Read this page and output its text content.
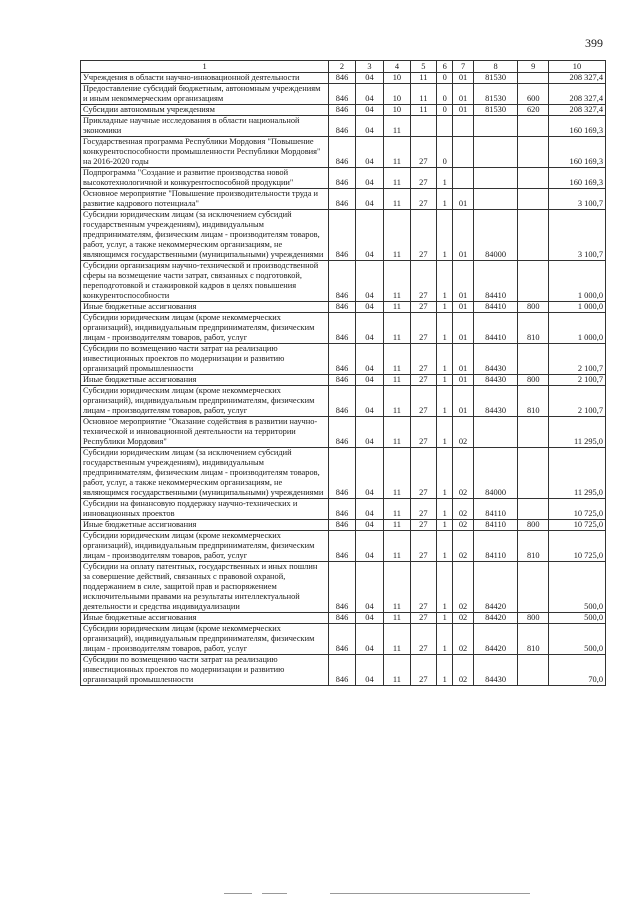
399
1	2	3	4	5	6	7	8	9	10
Учреждения в области научно-инновационной деятельности	846	04	10	11	0	01	81530		208 327,4
Предоставление субсидий бюджетным, автономным учреждениям и иным некоммерческим организациям	846	04	10	11	0	01	81530	600	208 327,4
Субсидии автономным учреждениям	846	04	10	11	0	01	81530	620	208 327,4
Прикладные научные исследования в области национальной экономики	846	04	11						160 169,3
Государственная программа Республики Мордовия "Повышение конкурентоспособности промышленности Республики Мордовия" на 2016-2020 годы	846	04	11	27	0				160 169,3
Подпрограмма "Создание и развитие производства новой высокотехнологичной и конкурентоспособной продукции"	846	04	11	27	1				160 169,3
Основное мероприятие "Повышение производительности труда и развитие кадрового потенциала"	846	04	11	27	1	01			3 100,7
Субсидии юридическим лицам (за исключением субсидий государственным учреждениям), индивидуальным предпринимателям, физическим лицам - производителям товаров, работ, услуг, а также некоммерческим организациям, не являющимся государственными (муниципальными) учреждениями	846	04	11	27	1	01	84000		3 100,7
Субсидии организациям научно-технической и производственной сферы на возмещение части затрат, связанных с подготовкой, переподготовкой и стажировкой кадров в целях повышения конкурентоспособности	846	04	11	27	1	01	84410		1 000,0
Иные бюджетные ассигнования	846	04	11	27	1	01	84410	800	1 000,0
Субсидии юридическим лицам (кроме некоммерческих организаций), индивидуальным предпринимателям, физическим лицам - производителям товаров, работ, услуг	846	04	11	27	1	01	84410	810	1 000,0
Субсидии по возмещению части затрат на реализацию инвестиционных проектов по модернизации и развитию организаций промышленности	846	04	11	27	1	01	84430		2 100,7
Иные бюджетные ассигнования	846	04	11	27	1	01	84430	800	2 100,7
Субсидии юридическим лицам (кроме некоммерческих организаций), индивидуальным предпринимателям, физическим лицам - производителям товаров, работ, услуг	846	04	11	27	1	01	84430	810	2 100,7
Основное мероприятие "Оказание содействия в развитии научно-технической и инновационной деятельности на территории Республики Мордовия"	846	04	11	27	1	02			11 295,0
Субсидии юридическим лицам (за исключением субсидий государственным учреждениям), индивидуальным предпринимателям, физическим лицам - производителям товаров, работ, услуг, а также некоммерческим организациям, не являющимся государственными (муниципальными) учреждениями	846	04	11	27	1	02	84000		11 295,0
Субсидии на финансовую поддержку научно-технических и инновационных проектов	846	04	11	27	1	02	84110		10 725,0
Иные бюджетные ассигнования	846	04	11	27	1	02	84110	800	10 725,0
Субсидии юридическим лицам (кроме некоммерческих организаций), индивидуальным предпринимателям, физическим лицам - производителям товаров, работ, услуг	846	04	11	27	1	02	84110	810	10 725,0
Субсидии на оплату патентных, государственных и иных пошлин за совершение действий, связанных с правовой охраной, поддержанием в силе, защитой прав и распоряжением исключительными правами на результаты интеллектуальной деятельности и средства индивидуализации	846	04	11	27	1	02	84420		500,0
Иные бюджетные ассигнования	846	04	11	27	1	02	84420	800	500,0
Субсидии юридическим лицам (кроме некоммерческих организаций), индивидуальным предпринимателям, физическим лицам - производителям товаров, работ, услуг	846	04	11	27	1	02	84420	810	500,0
Субсидии по возмещению части затрат на реализацию инвестиционных проектов по модернизации и развитию организаций промышленности	846	04	11	27	1	02	84430		70,0
